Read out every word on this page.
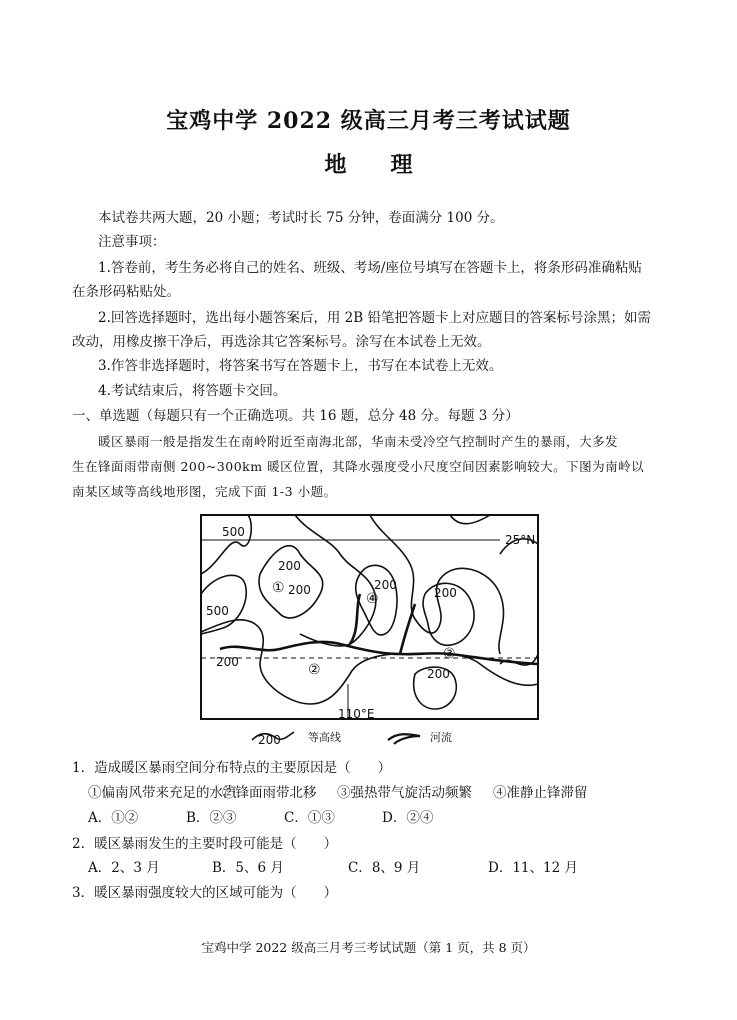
宝鸡中学 2022 级高三月考三考试试题
地　　理
本试卷共两大题，20 小题；考试时长 75 分钟，卷面满分 100 分。
注意事项：
1.答卷前，考生务必将自己的姓名、班级、考场/座位号填写在答题卡上，将条形码准确粘贴
在条形码粘贴处。
2.回答选择题时，选出每小题答案后，用 2B 铅笔把答题卡上对应题目的答案标号涂黑；如需
改动，用橡皮擦干净后，再选涂其它答案标号。涂写在本试卷上无效。
3.作答非选择题时，将答案书写在答题卡上，书写在本试卷上无效。
4.考试结束后，将答题卡交回。
一、单选题（每题只有一个正确选项。共 16 题，总分 48 分。每题 3 分）
暖区暴雨一般是指发生在南岭附近至南海北部，华南未受冷空气控制时产生的暴雨，大多发
生在锋面雨带南侧 200~300km 暖区位置，其降水强度受小尺度空间因素影响较大。下图为南岭以
南某区域等高线地形图，完成下面 1-3 小题。
500
200
200
500
200
200
200
200
①
②
③
④
25°N
110°E
200 等高线	河流
1．造成暖区暴雨空间分布特点的主要原因是（　　）
①偏南风带来充足的水汽②锋面雨带北移 ③强热带气旋活动频繁 ④准静止锋滞留
A．①②	B．②③	C．①③	D．②④
2．暖区暴雨发生的主要时段可能是（　　）
A．2、3 月	B．5、6 月	C．8、9 月	D．11、12 月
3．暖区暴雨强度较大的区域可能为（　　）
宝鸡中学 2022 级高三月考三考试试题（第 1 页，共 8 页）
